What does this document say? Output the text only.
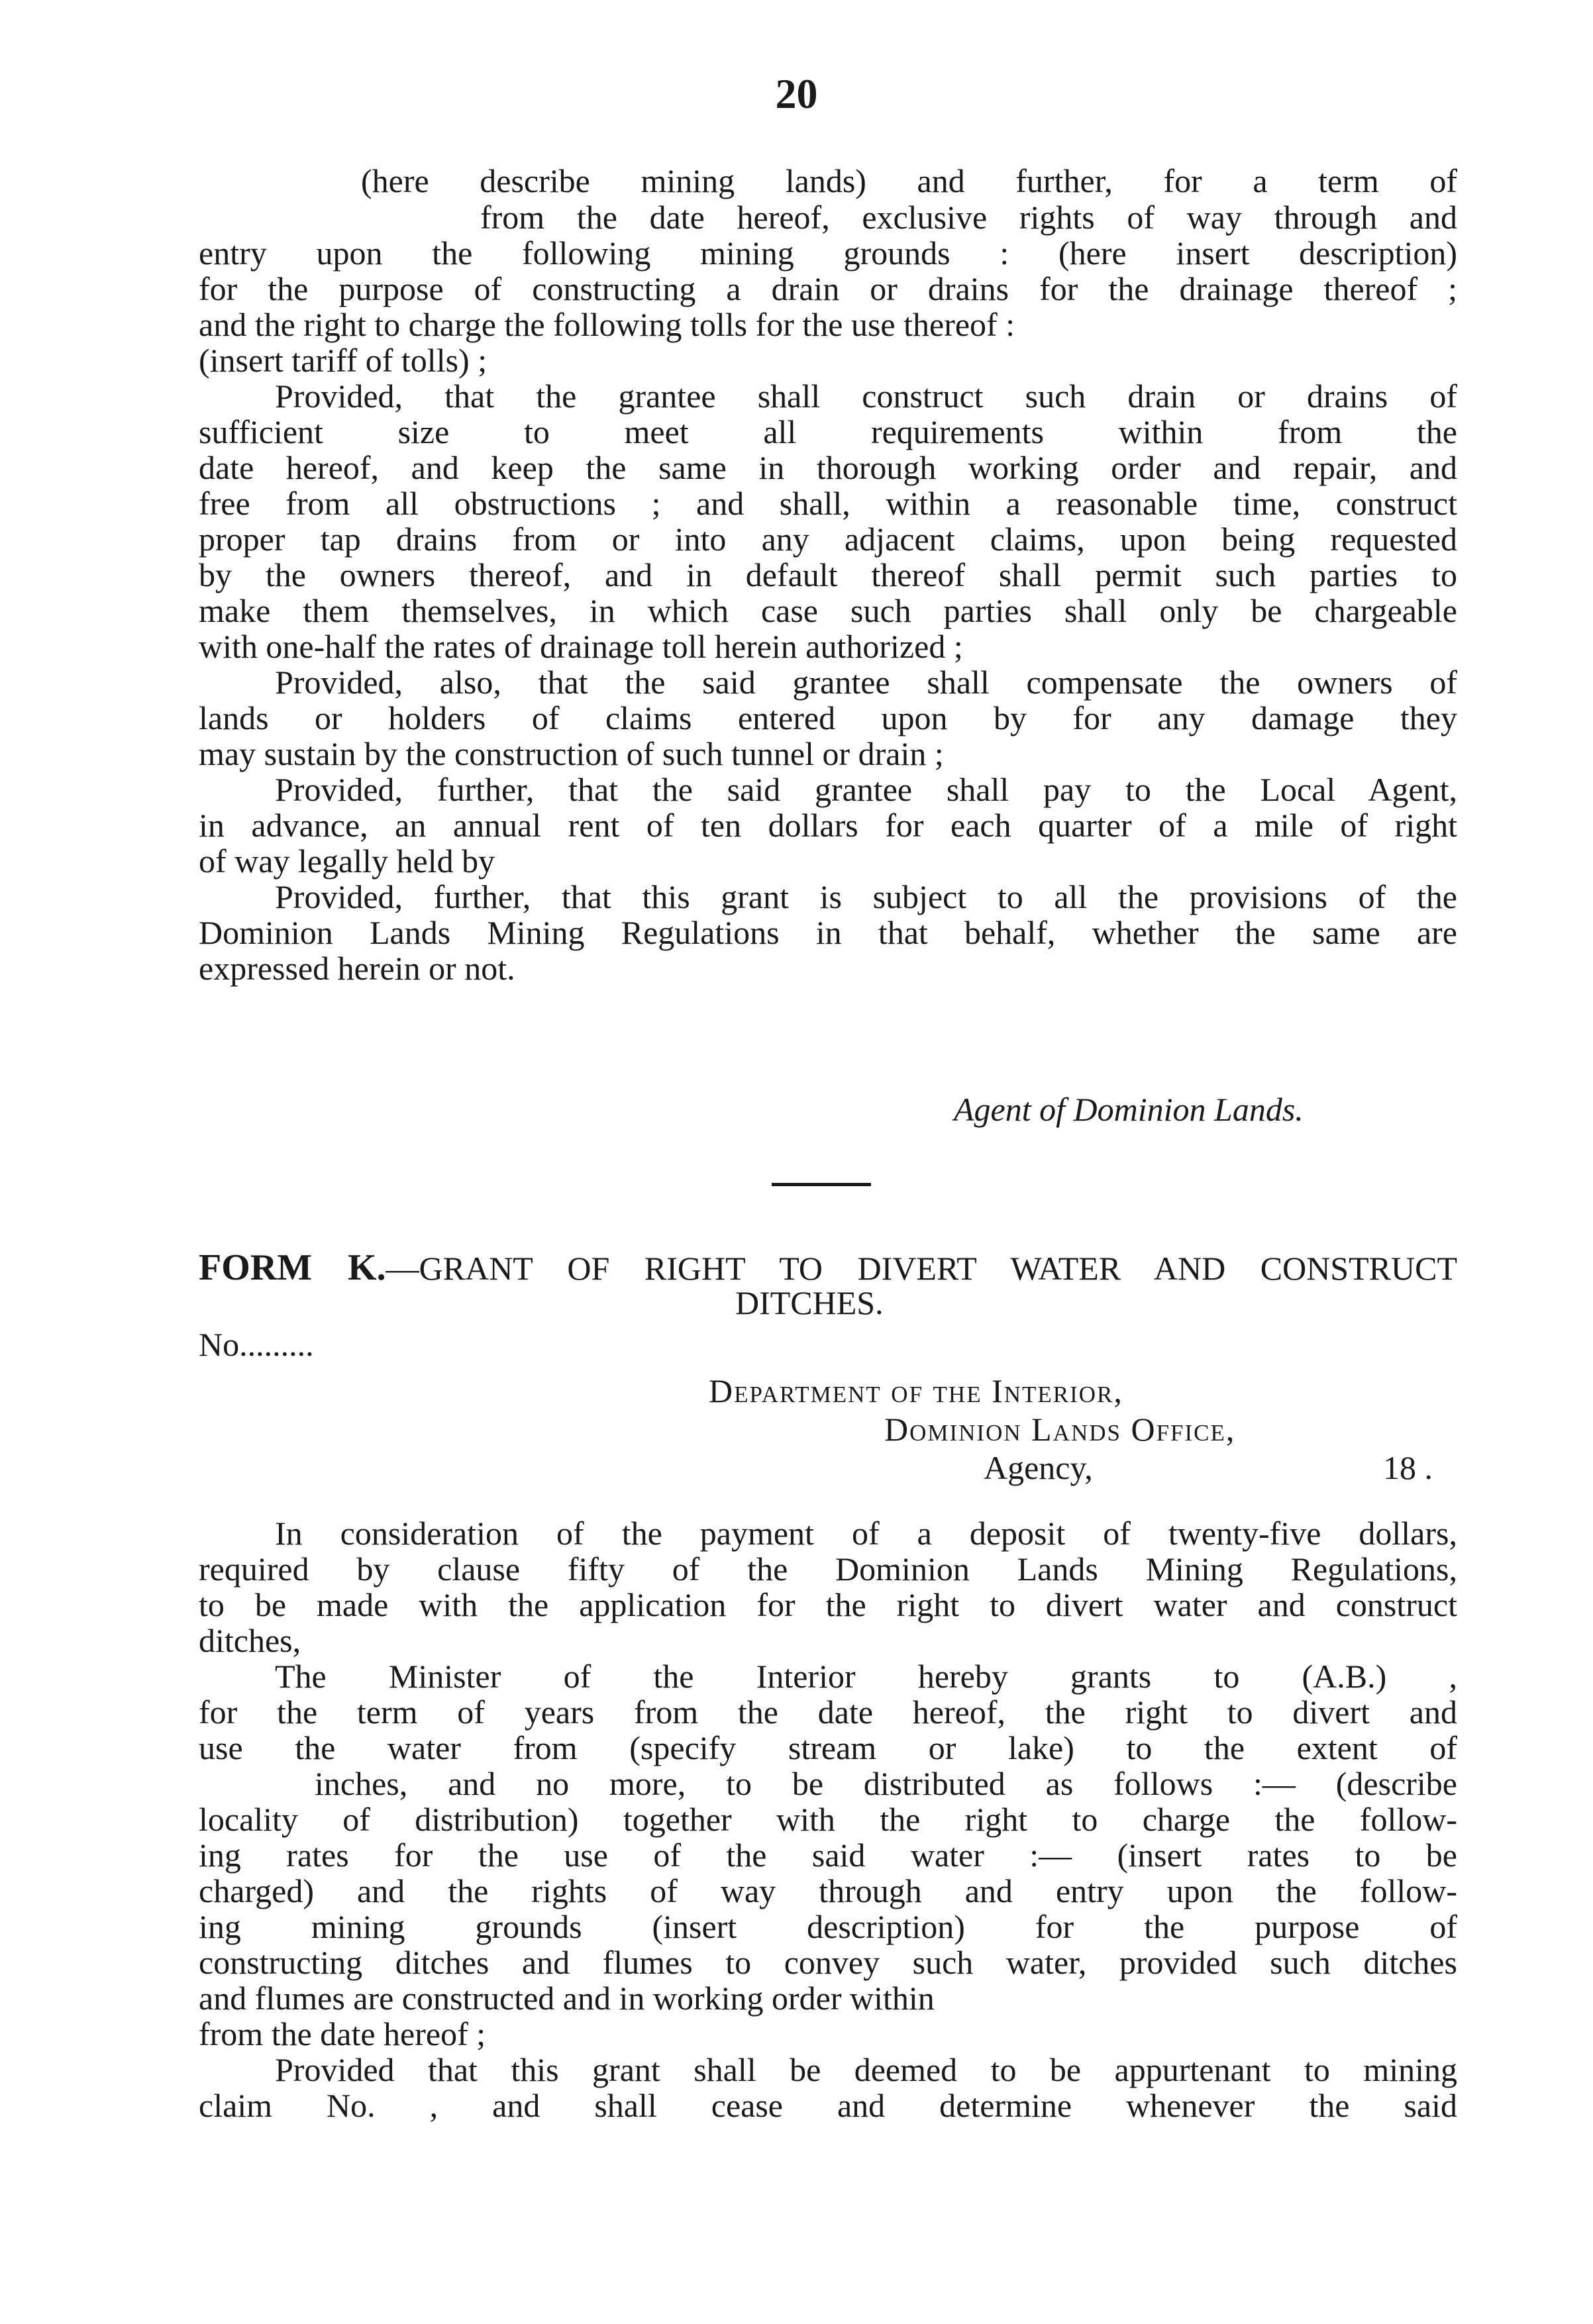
20
(here describe mining lands) and further, for a term of
from the date hereof, exclusive rights of way through and
entry upon the following mining grounds : (here insert description)
for the purpose of constructing a drain or drains for the drainage thereof ;
and the right to charge the following tolls for the use thereof :
(insert tariff of tolls) ;
Provided, that the grantee shall construct such drain or drains of
sufficient size to meet all requirements within from the
date hereof, and keep the same in thorough working order and repair, and
free from all obstructions ; and shall, within a reasonable time, construct
proper tap drains from or into any adjacent claims, upon being requested
by the owners thereof, and in default thereof shall permit such parties to
make them themselves, in which case such parties shall only be chargeable
with one-half the rates of drainage toll herein authorized ;
Provided, also, that the said grantee shall compensate the owners of
lands or holders of claims entered upon by for any damage they
may sustain by the construction of such tunnel or drain ;
Provided, further, that the said grantee shall pay to the Local Agent,
in advance, an annual rent of ten dollars for each quarter of a mile of right
of way legally held by
Provided, further, that this grant is subject to all the provisions of the
Dominion Lands Mining Regulations in that behalf, whether the same are
expressed herein or not.
Agent of Dominion Lands.
FORM K.—GRANT OF RIGHT TO DIVERT WATER AND CONSTRUCT
DITCHES.
No.........
Department of the Interior,
Dominion Lands Office,
Agency,	18 .
In consideration of the payment of a deposit of twenty-five dollars,
required by clause fifty of the Dominion Lands Mining Regulations,
to be made with the application for the right to divert water and construct
ditches,
The Minister of the Interior hereby grants to (A.B.) ,
for the term of years from the date hereof, the right to divert and
use the water from (specify stream or lake) to the extent of
inches, and no more, to be distributed as follows :— (describe
locality of distribution) together with the right to charge the follow-
ing rates for the use of the said water :— (insert rates to be
charged) and the rights of way through and entry upon the follow-
ing mining grounds (insert description) for the purpose of
constructing ditches and flumes to convey such water, provided such ditches
and flumes are constructed and in working order within
from the date hereof ;
Provided that this grant shall be deemed to be appurtenant to mining
claim No. , and shall cease and determine whenever the said
